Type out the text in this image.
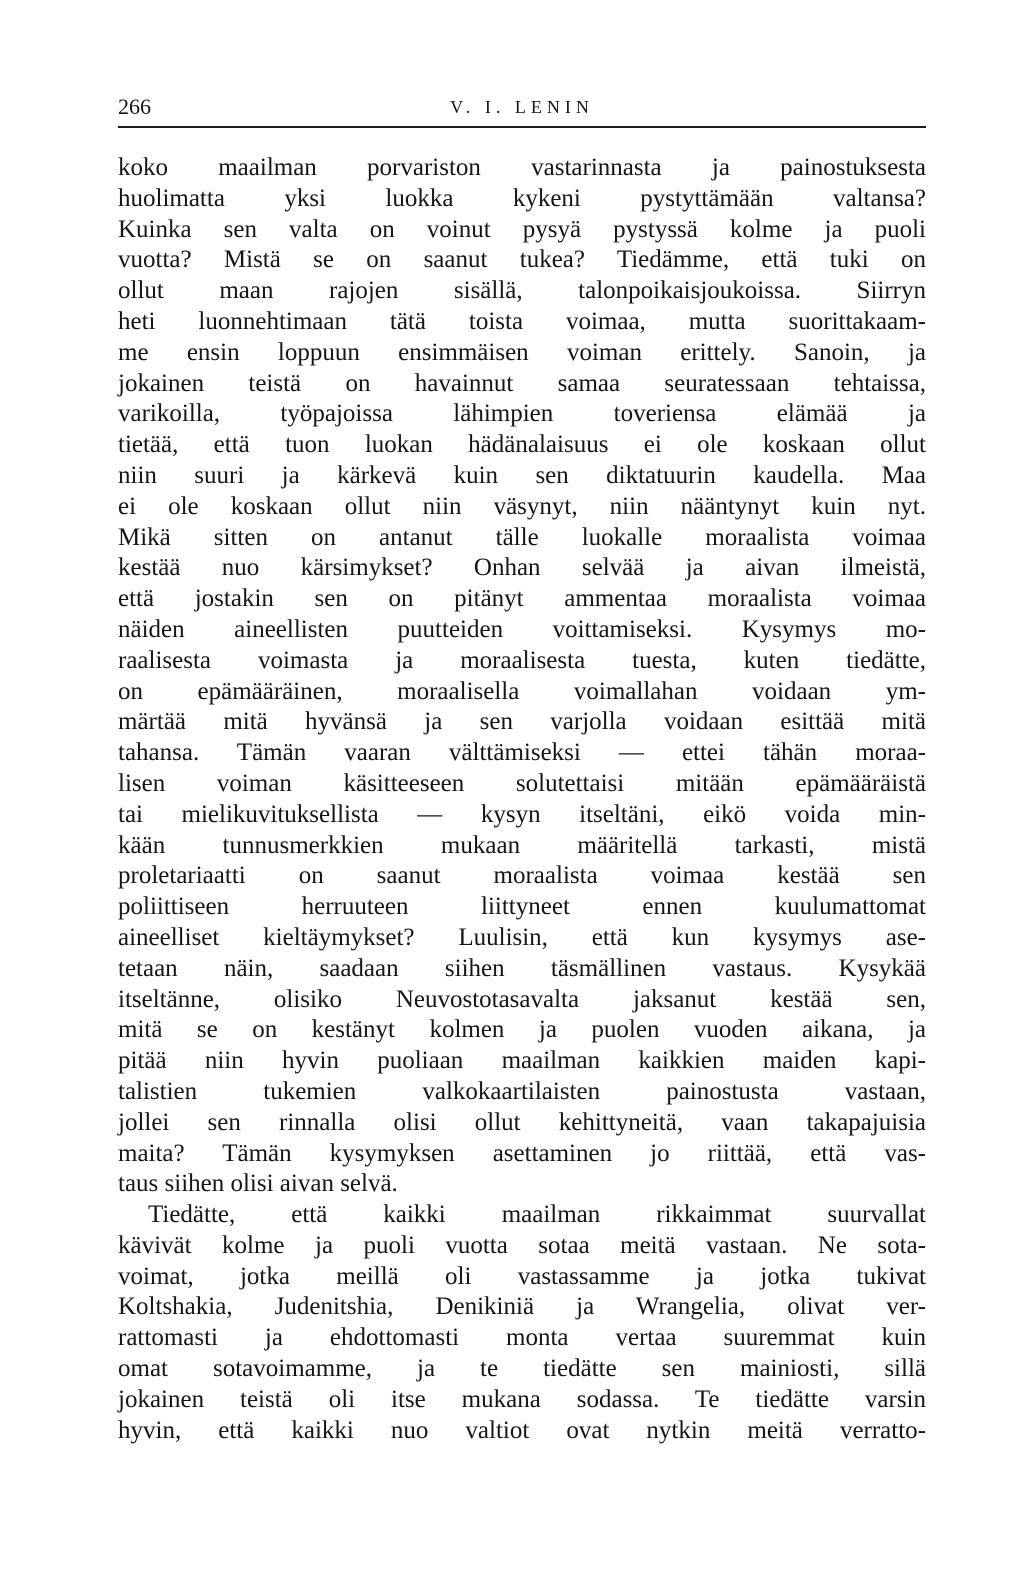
266	V. I. LENIN
koko maailman porvariston vastarinnasta ja painostuksesta
huolimatta yksi luokka kykeni pystyttämään valtansa?
Kuinka sen valta on voinut pysyä pystyssä kolme ja puoli
vuotta? Mistä se on saanut tukea? Tiedämme, että tuki on
ollut maan rajojen sisällä, talonpoikaisjoukoissa. Siirryn
heti luonnehtimaan tätä toista voimaa, mutta suorittakaam-
me ensin loppuun ensimmäisen voiman erittely. Sanoin, ja
jokainen teistä on havainnut samaa seuratessaan tehtaissa,
varikoilla, työpajoissa lähimpien toveriensa elämää ja
tietää, että tuon luokan hädänalaisuus ei ole koskaan ollut
niin suuri ja kärkevä kuin sen diktatuurin kaudella. Maa
ei ole koskaan ollut niin väsynyt, niin nääntynyt kuin nyt.
Mikä sitten on antanut tälle luokalle moraalista voimaa
kestää nuo kärsimykset? Onhan selvää ja aivan ilmeistä,
että jostakin sen on pitänyt ammentaa moraalista voimaa
näiden aineellisten puutteiden voittamiseksi. Kysymys mo-
raalisesta voimasta ja moraalisesta tuesta, kuten tiedätte,
on epämääräinen, moraalisella voimallahan voidaan ym-
märtää mitä hyvänsä ja sen varjolla voidaan esittää mitä
tahansa. Tämän vaaran välttämiseksi — ettei tähän moraa-
lisen voiman käsitteeseen solutettaisi mitään epämääräistä
tai mielikuvituksellista — kysyn itseltäni, eikö voida min-
kään tunnusmerkkien mukaan määritellä tarkasti, mistä
proletariaatti on saanut moraalista voimaa kestää sen
poliittiseen herruuteen liittyneet ennen kuulumattomat
aineelliset kieltäymykset? Luulisin, että kun kysymys ase-
tetaan näin, saadaan siihen täsmällinen vastaus. Kysykää
itseltänne, olisiko Neuvostotasavalta jaksanut kestää sen,
mitä se on kestänyt kolmen ja puolen vuoden aikana, ja
pitää niin hyvin puoliaan maailman kaikkien maiden kapi-
talistien tukemien valkokaartilaisten painostusta vastaan,
jollei sen rinnalla olisi ollut kehittyneitä, vaan takapajuisia
maita? Tämän kysymyksen asettaminen jo riittää, että vas-
taus siihen olisi aivan selvä.
Tiedätte, että kaikki maailman rikkaimmat suurvallat
kävivät kolme ja puoli vuotta sotaa meitä vastaan. Ne sota-
voimat, jotka meillä oli vastassamme ja jotka tukivat
Koltshakia, Judenitshia, Denikiniä ja Wrangelia, olivat ver-
rattomasti ja ehdottomasti monta vertaa suuremmat kuin
omat sotavoimamme, ja te tiedätte sen mainiosti, sillä
jokainen teistä oli itse mukana sodassa. Te tiedätte varsin
hyvin, että kaikki nuo valtiot ovat nytkin meitä verratto-
